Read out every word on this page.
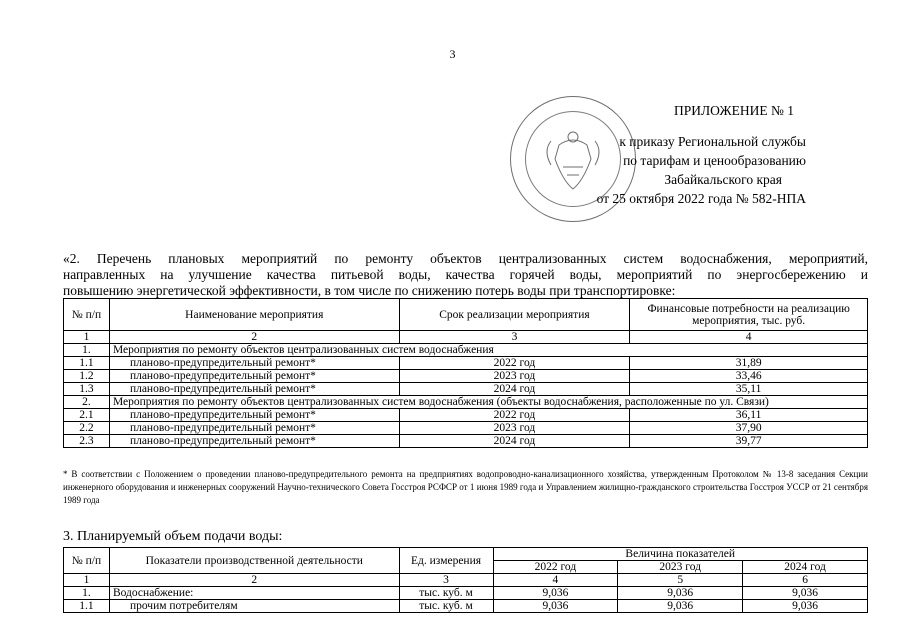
3
ПРИЛОЖЕНИЕ № 1
к приказу Региональной службы
по тарифам и ценообразованию
Забайкальского края
от 25 октября 2022 года № 582-НПА
«2. Перечень плановых мероприятий по ремонту объектов централизованных систем водоснабжения, мероприятий,
направленных на улучшение качества питьевой воды, качества горячей воды, мероприятий по энергосбережению и
повышению энергетической эффективности, в том числе по снижению потерь воды при транспортировке:
№ п/п	Наименование мероприятия	Срок реализации мероприятия	Финансовые потребности на реализацию мероприятия, тыс. руб.
1	2	3	4
1.	Мероприятия по ремонту объектов централизованных систем водоснабжения		
1.1	планово-предупредительный ремонт*	2022 год	31,89
1.2	планово-предупредительный ремонт*	2023 год	33,46
1.3	планово-предупредительный ремонт*	2024 год	35,11
2.	Мероприятия по ремонту объектов централизованных систем водоснабжения (объекты водоснабжения, расположенные по ул. Связи)		
2.1	планово-предупредительный ремонт*	2022 год	36,11
2.2	планово-предупредительный ремонт*	2023 год	37,90
2.3	планово-предупредительный ремонт*	2024 год	39,77
* В соответствии с Положением о проведении планово-предупредительного ремонта на предприятиях водопроводно-канализационного хозяйства, утвержденным Протоколом № 13-8 заседания Секции инженерного оборудования и инженерных сооружений Научно-технического Совета Госстроя РСФСР от 1 июня 1989 года и Управлением жилищно-гражданского строительства Госстроя УССР от 21 сентября 1989 года
3. Планируемый объем подачи воды:
№ п/п	Показатели производственной деятельности	Ед. измерения	Величина показателей		
			2022 год	2023 год	2024 год
1	2	3	4	5	6
1.	Водоснабжение:	тыс. куб. м	9,036	9,036	9,036
1.1	прочим потребителям	тыс. куб. м	9,036	9,036	9,036
